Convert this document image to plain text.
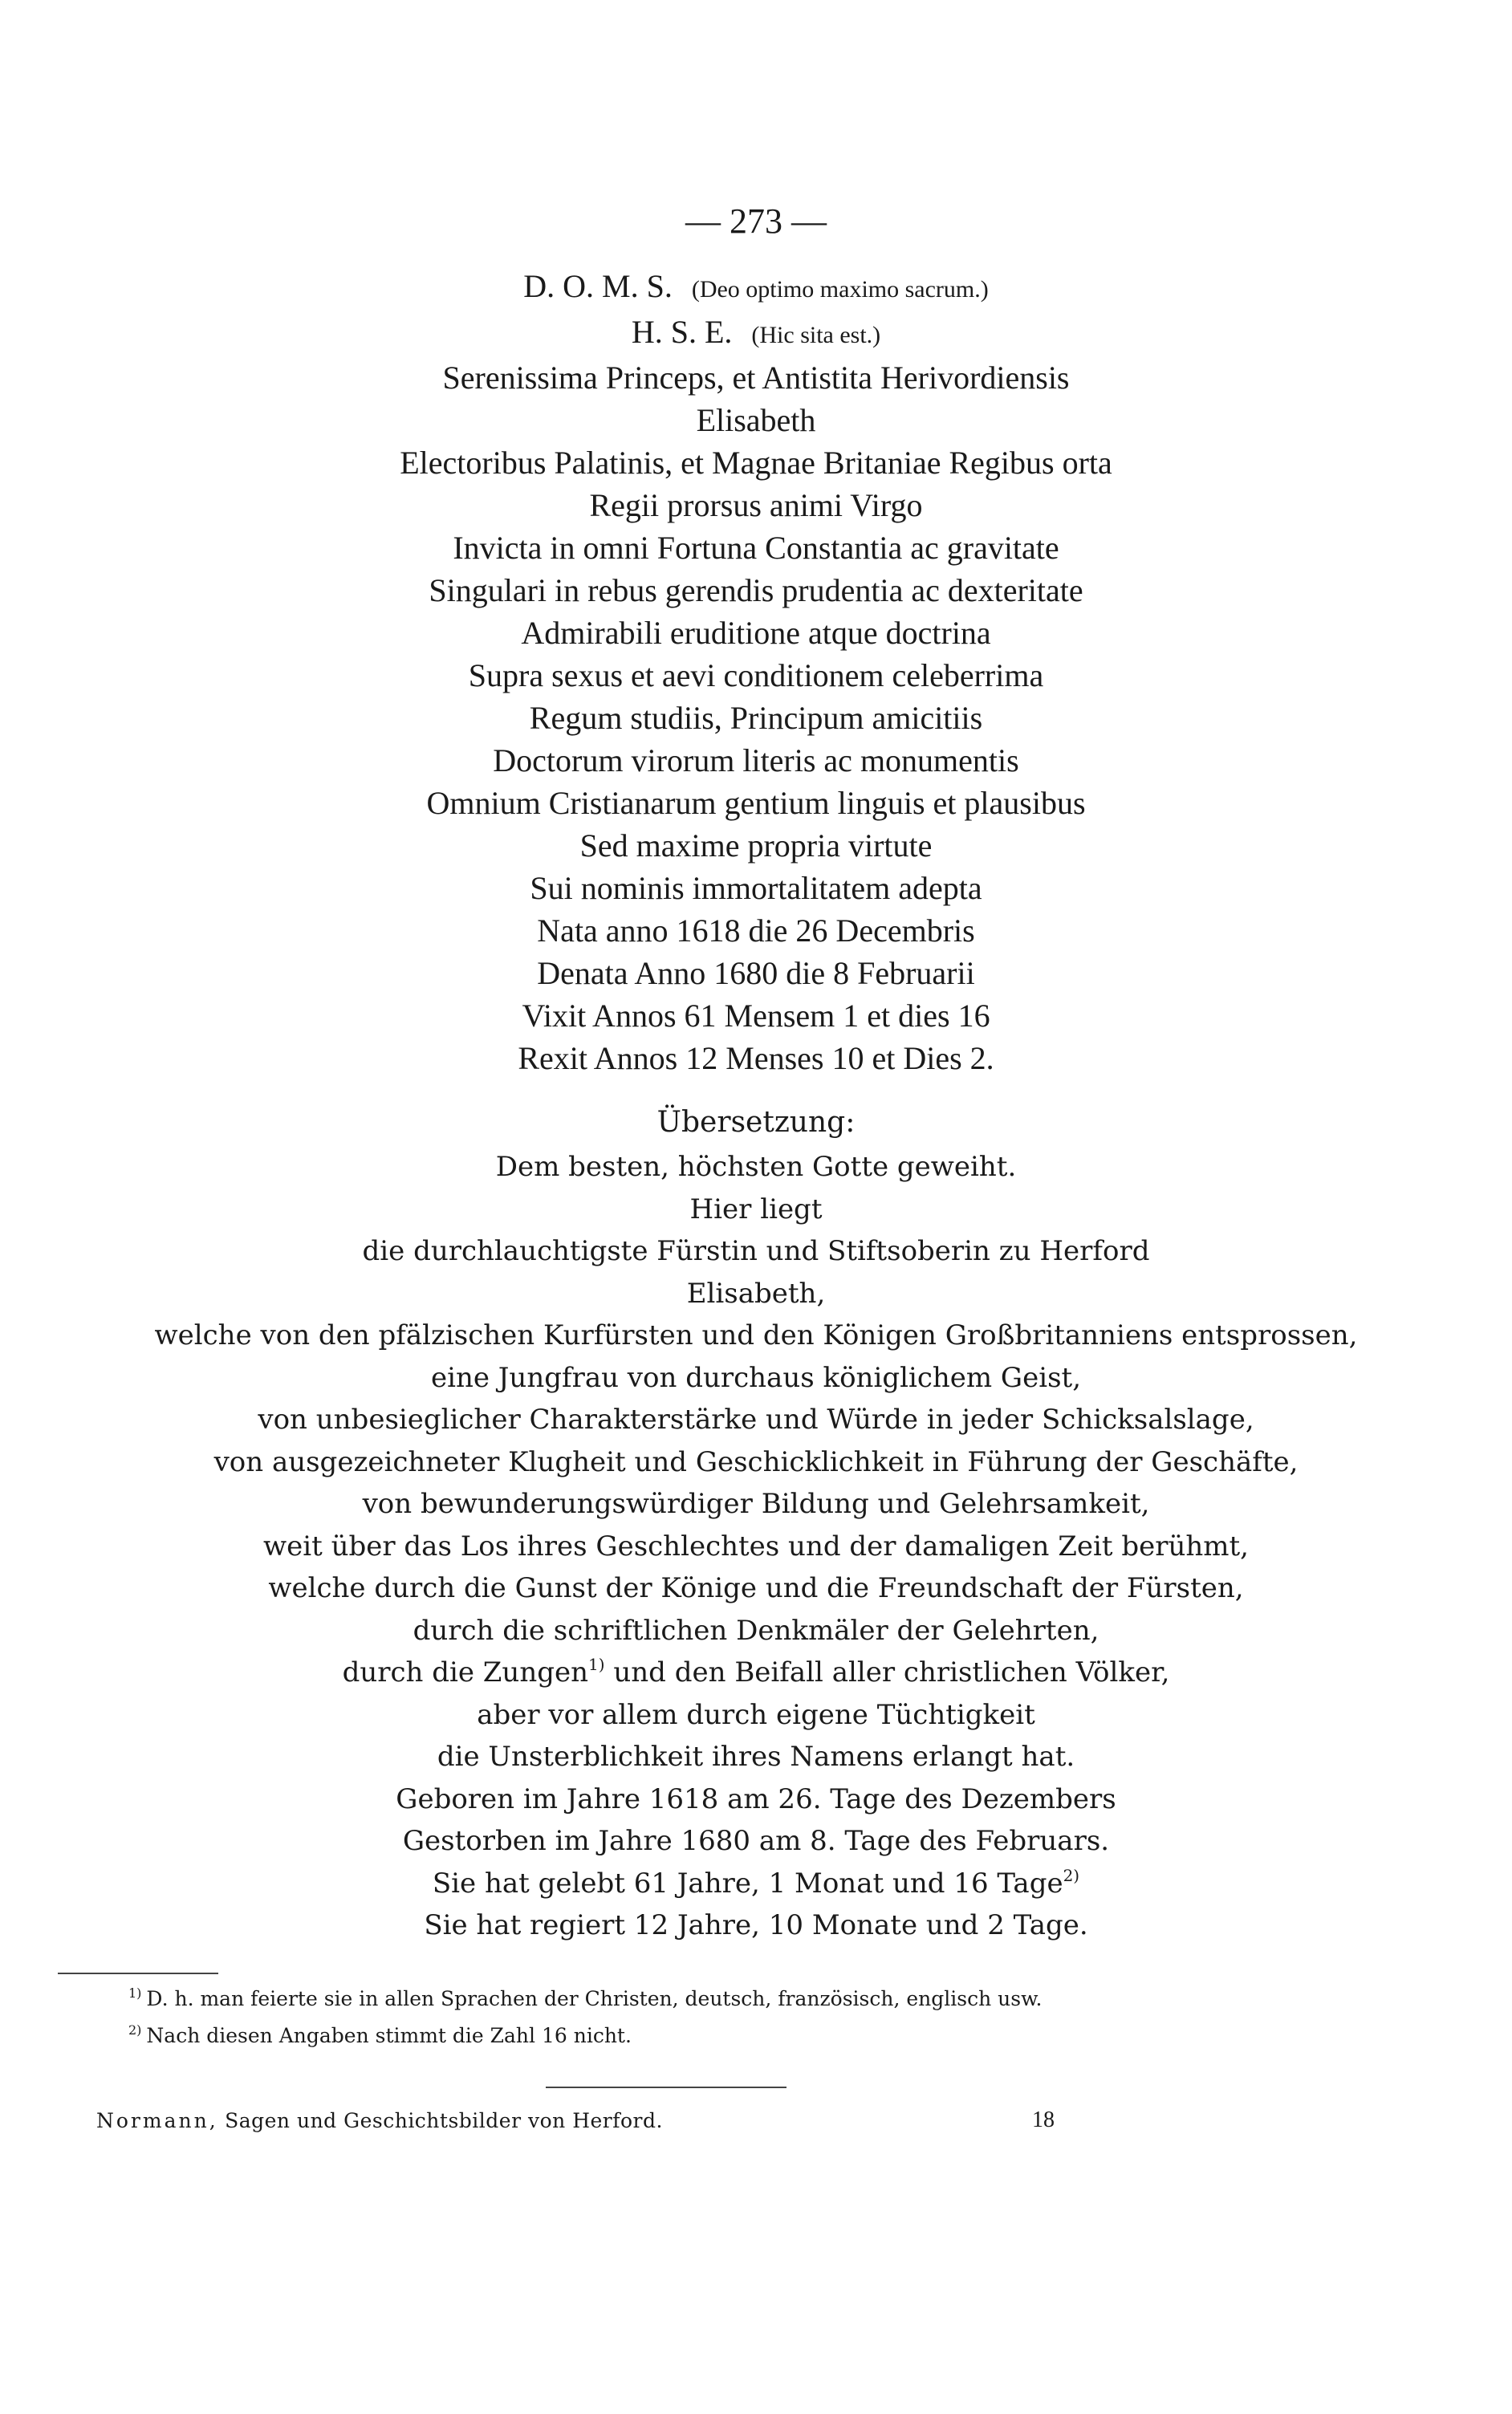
— 273 —
D. O. M. S. (Deo optimo maximo sacrum.)
H. S. E. (Hic sita est.)
Serenissima Princeps, et Antistita Herivordiensis
Elisabeth
Electoribus Palatinis, et Magnae Britaniae Regibus orta
Regii prorsus animi Virgo
Invicta in omni Fortuna Constantia ac gravitate
Singulari in rebus gerendis prudentia ac dexteritate
Admirabili eruditione atque doctrina
Supra sexus et aevi conditionem celeberrima
Regum studiis, Principum amicitiis
Doctorum virorum literis ac monumentis
Omnium Cristianarum gentium linguis et plausibus
Sed maxime propria virtute
Sui nominis immortalitatem adepta
Nata anno 1618 die 26 Decembris
Denata Anno 1680 die 8 Februarii
Vixit Annos 61 Mensem 1 et dies 16
Rexit Annos 12 Menses 10 et Dies 2.
Übersetzung:
Dem besten, höchsten Gotte geweiht.
Hier liegt
die durchlauchtigste Fürstin und Stiftsoberin zu Herford
Elisabeth,
welche von den pfälzischen Kurfürsten und den Königen Großbritanniens entsprossen,
eine Jungfrau von durchaus königlichem Geist,
von unbesieglicher Charakterstärke und Würde in jeder Schicksalslage,
von ausgezeichneter Klugheit und Geschicklichkeit in Führung der Geschäfte,
von bewunderungswürdiger Bildung und Gelehrsamkeit,
weit über das Los ihres Geschlechtes und der damaligen Zeit berühmt,
welche durch die Gunst der Könige und die Freundschaft der Fürsten,
durch die schriftlichen Denkmäler der Gelehrten,
durch die Zungen$^{1)}$ und den Beifall aller christlichen Völker,
aber vor allem durch eigene Tüchtigkeit
die Unsterblichkeit ihres Namens erlangt hat.
Geboren im Jahre 1618 am 26. Tage des Dezembers
Gestorben im Jahre 1680 am 8. Tage des Februars.
Sie hat gelebt 61 Jahre, 1 Monat und 16 Tage$^{2)}$
Sie hat regiert 12 Jahre, 10 Monate und 2 Tage.
$^{1)}$ D. h. man feierte sie in allen Sprachen der Christen, deutsch, französisch, englisch usw.
$^{2)}$ Nach diesen Angaben stimmt die Zahl 16 nicht.
Normann, Sagen und Geschichtsbilder von Herford.	18
